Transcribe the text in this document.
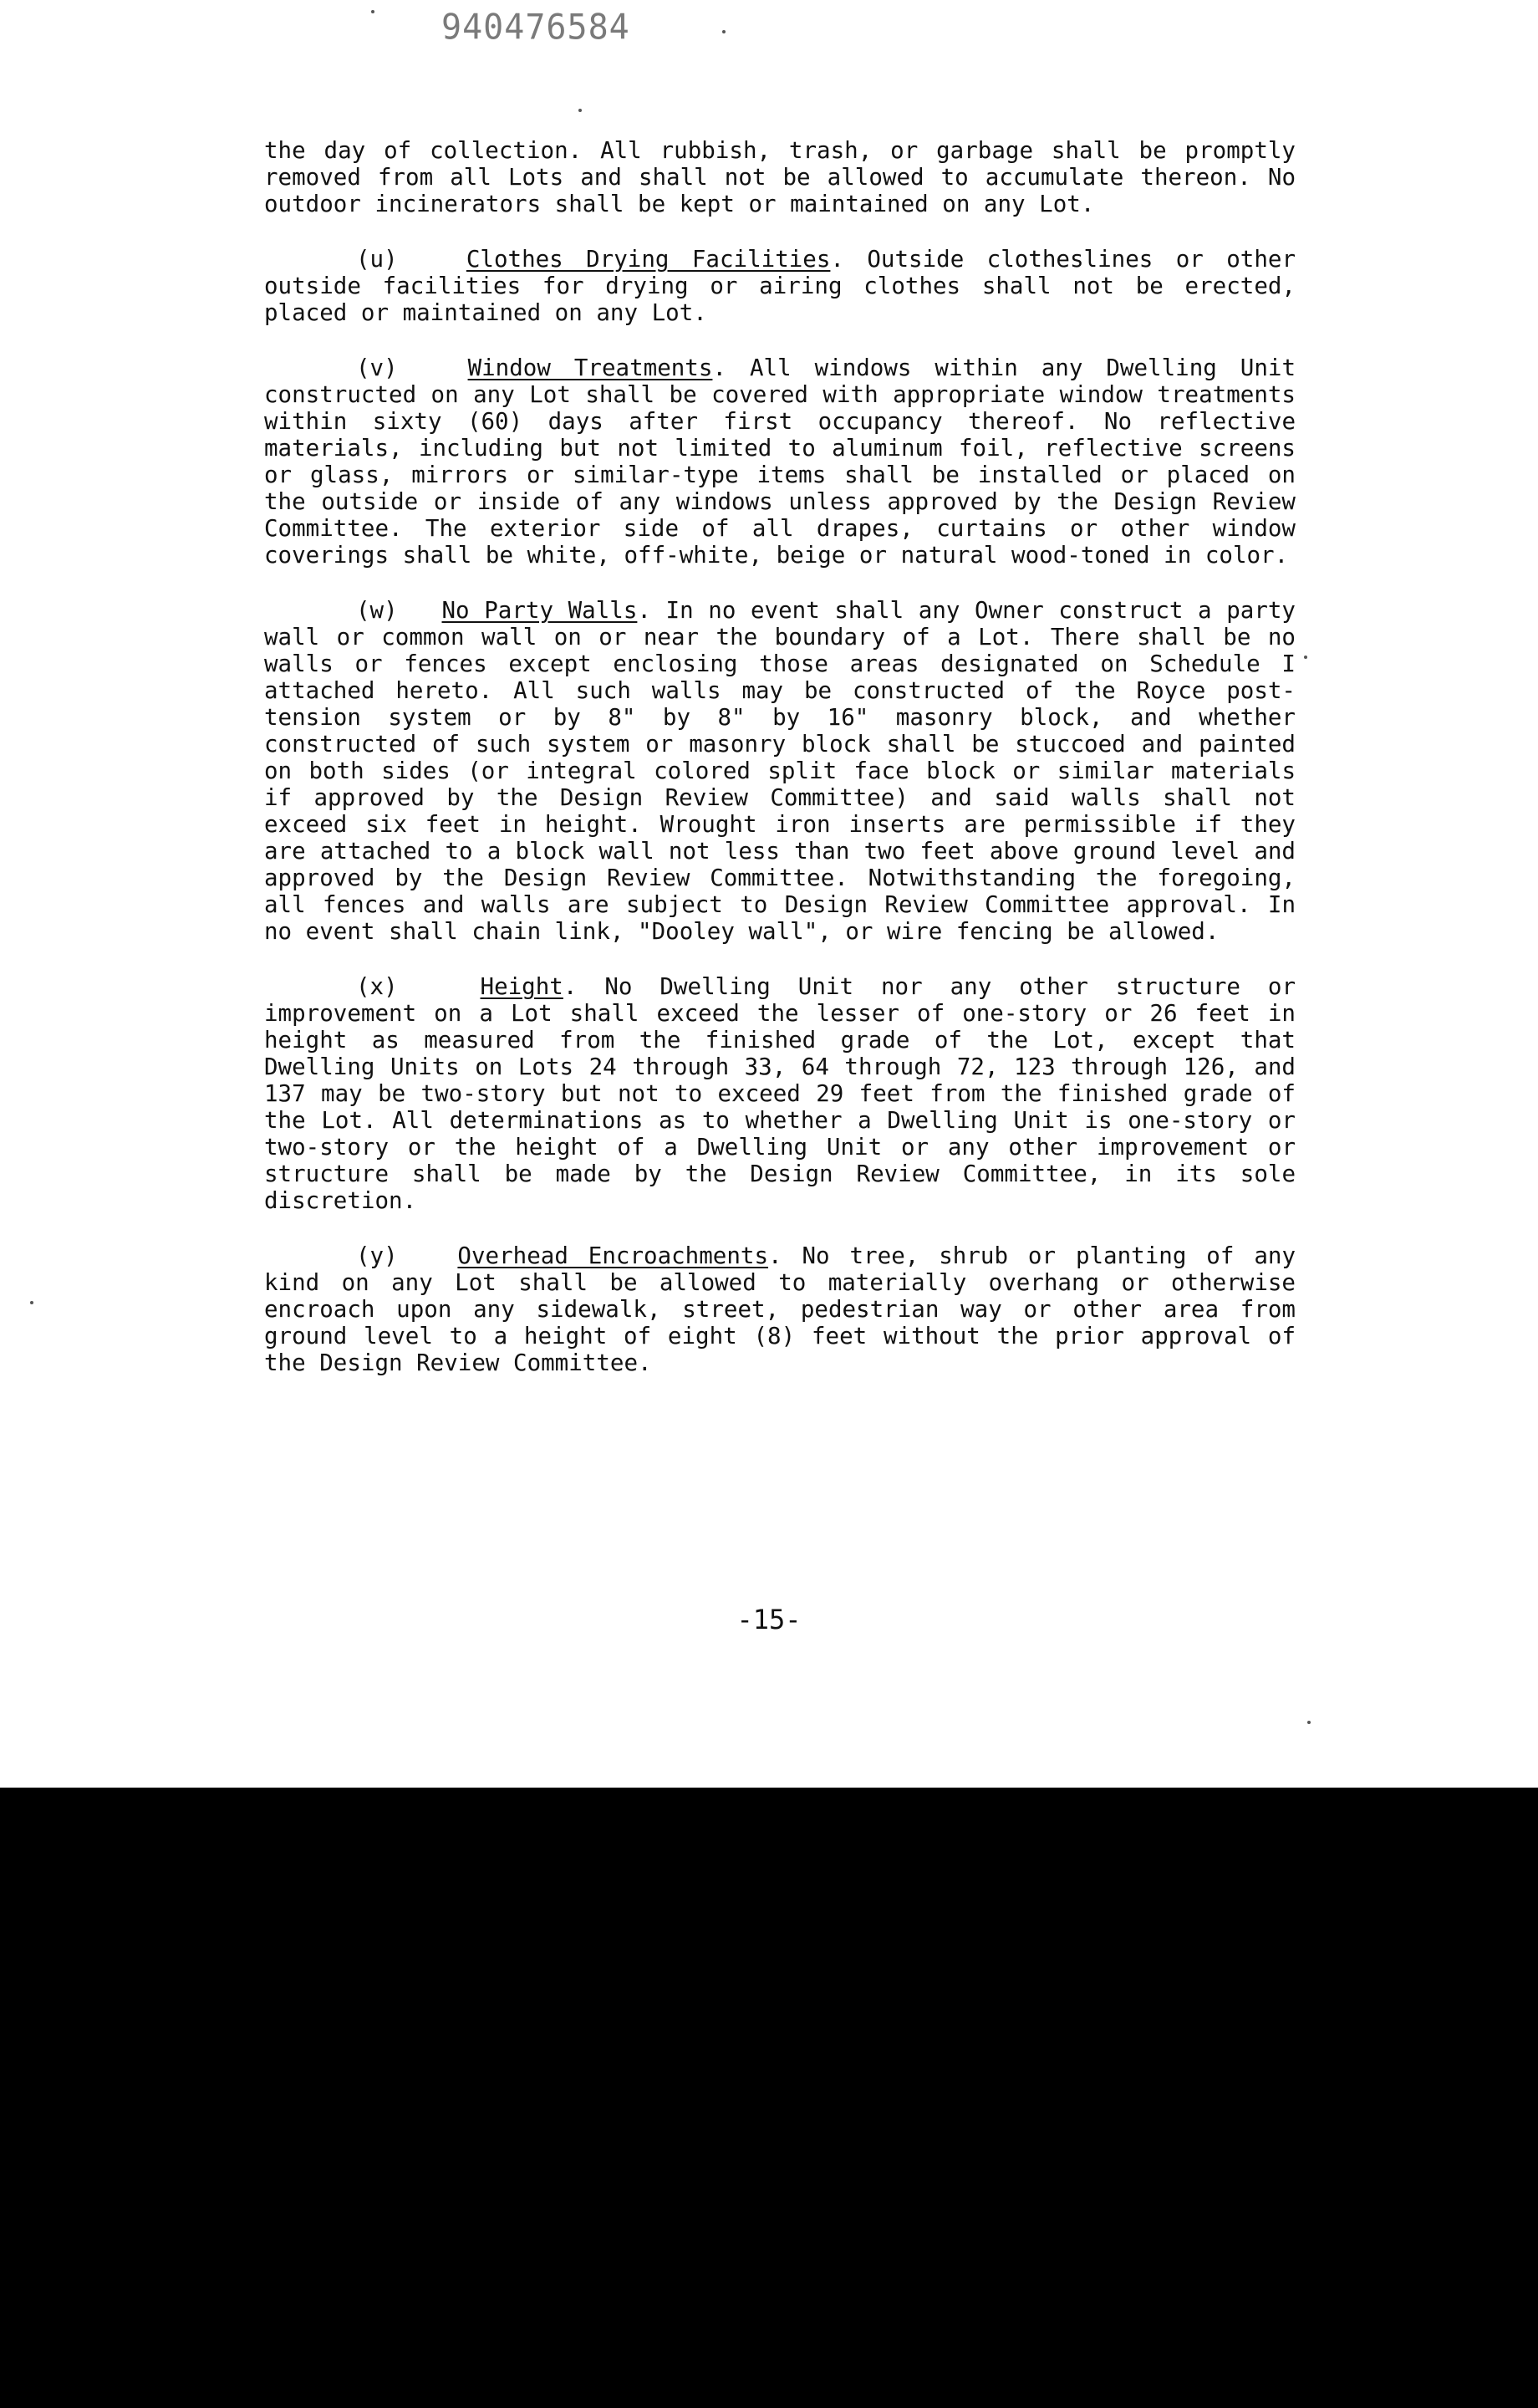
940476584

the day of collection. All rubbish, trash, or garbage shall be promptly removed from all Lots and shall not be allowed to accumulate thereon. No outdoor incinerators shall be kept or maintained on any Lot.

(u)	Clothes Drying Facilities. Outside clotheslines or other outside facilities for drying or airing clothes shall not be erected, placed or maintained on any Lot.

(v)	Window Treatments. All windows within any Dwelling Unit constructed on any Lot shall be covered with appropriate window treatments within sixty (60) days after first occupancy thereof. No reflective materials, including but not limited to aluminum foil, reflective screens or glass, mirrors or similar-type items shall be installed or placed on the outside or inside of any windows unless approved by the Design Review Committee. The exterior side of all drapes, curtains or other window coverings shall be white, off-white, beige or natural wood-toned in color.

(w) No Party Walls. In no event shall any Owner construct a party wall or common wall on or near the boundary of a Lot. There shall be no walls or fences except enclosing those areas designated on Schedule I attached hereto. All such walls may be constructed of the Royce post-tension system or by 8" by 8" by 16" masonry block, and whether constructed of such system or masonry block shall be stuccoed and painted on both sides (or integral colored split face block or similar materials if approved by the Design Review Committee) and said walls shall not exceed six feet in height. Wrought iron inserts are permissible if they are attached to a block wall not less than two feet above ground level and approved by the Design Review Committee. Notwithstanding the foregoing, all fences and walls are subject to Design Review Committee approval. In no event shall chain link, "Dooley wall", or wire fencing be allowed.

(x)	Height. No Dwelling Unit nor any other structure or improvement on a Lot shall exceed the lesser of one-story or 26 feet in height as measured from the finished grade of the Lot, except that Dwelling Units on Lots 24 through 33, 64 through 72, 123 through 126, and 137 may be two-story but not to exceed 29 feet from the finished grade of the Lot. All determinations as to whether a Dwelling Unit is one-story or two-story or the height of a Dwelling Unit or any other improvement or structure shall be made by the Design Review Committee, in its sole discretion.

(y)	Overhead Encroachments. No tree, shrub or planting of any kind on any Lot shall be allowed to materially overhang or otherwise encroach upon any sidewalk, street, pedestrian way or other area from ground level to a height of eight (8) feet without the prior approval of the Design Review Committee.

-15-
